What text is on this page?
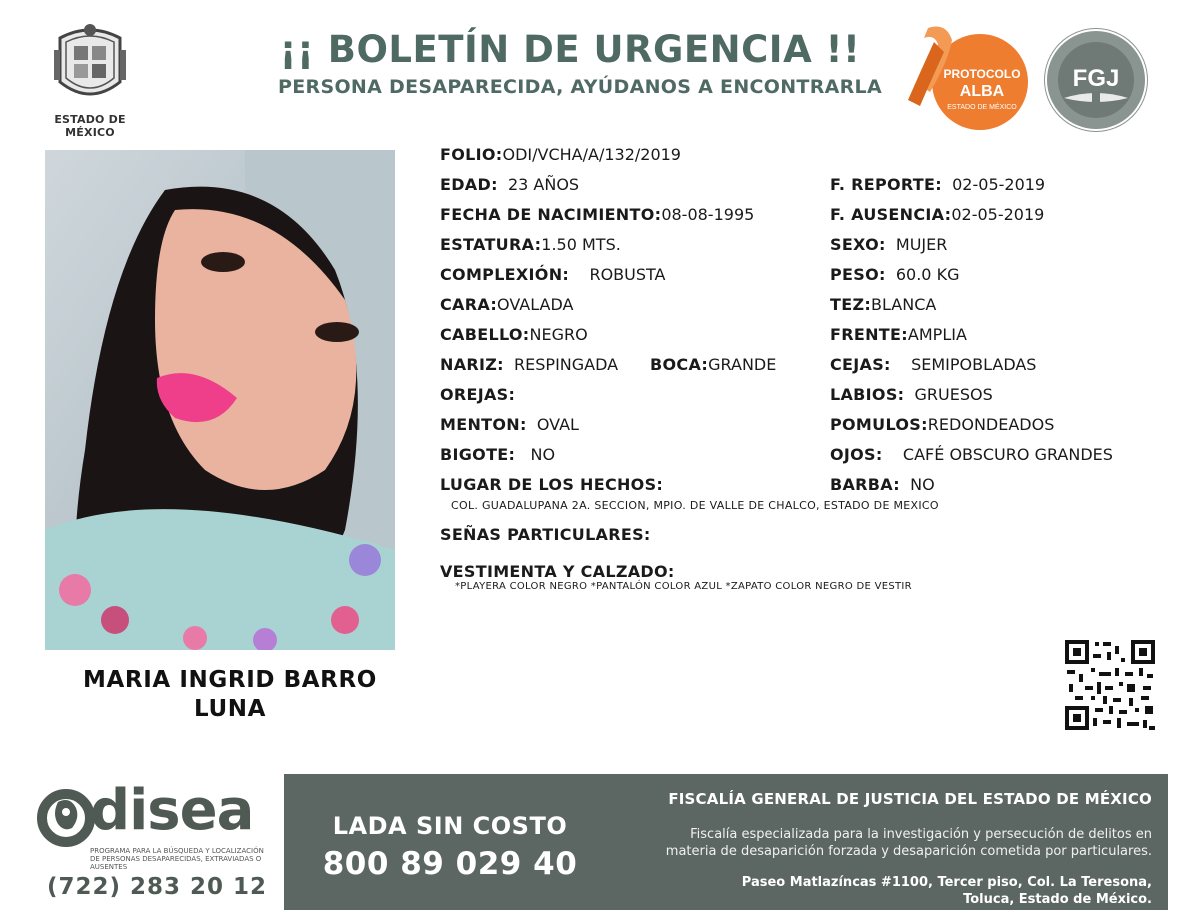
ESTADO DE MÉXICO
¡¡ BOLETÍN DE URGENCIA !!
PERSONA DESAPARECIDA, AYÚDANOS A ENCONTRARLA
PROTOCOLO
ALBA
ESTADO DE MÉXICO
FGJ
MARIA INGRID BARRO
LUNA
FOLIO:ODI/VCHA/A/132/2019
EDAD: 23 AÑOS
FECHA DE NACIMIENTO:08-08-1995
ESTATURA:1.50 MTS.
COMPLEXIÓN: ROBUSTA
CARA:OVALADA
CABELLO:NEGRO
NARIZ: RESPINGADA BOCA:GRANDE
OREJAS:
MENTON: OVAL
BIGOTE: NO
LUGAR DE LOS HECHOS:
COL. GUADALUPANA 2A. SECCION, MPIO. DE VALLE DE CHALCO, ESTADO DE MEXICO
SEÑAS PARTICULARES:
VESTIMENTA Y CALZADO:
*PLAYERA COLOR NEGRO *PANTALÓN COLOR AZUL *ZAPATO COLOR NEGRO DE VESTIR
F. REPORTE: 02-05-2019
F. AUSENCIA:02-05-2019
SEXO: MUJER
PESO: 60.0 KG
TEZ:BLANCA
FRENTE:AMPLIA
CEJAS: SEMIPOBLADAS
LABIOS: GRUESOS
POMULOS:REDONDEADOS
OJOS: CAFÉ OBSCURO GRANDES
BARBA: NO
disea
PROGRAMA PARA LA BÚSQUEDA Y LOCALIZACIÓN DE PERSONAS DESAPARECIDAS, EXTRAVIADAS O AUSENTES
(722) 283 20 12
LADA SIN COSTO
800 89 029 40
FISCALÍA GENERAL DE JUSTICIA DEL ESTADO DE MÉXICO
Fiscalía especializada para la investigación y persecución de delitos en
materia de desaparición forzada y desaparición cometida por particulares.
Paseo Matlazíncas #1100, Tercer piso, Col. La Teresona,
Toluca, Estado de México.
